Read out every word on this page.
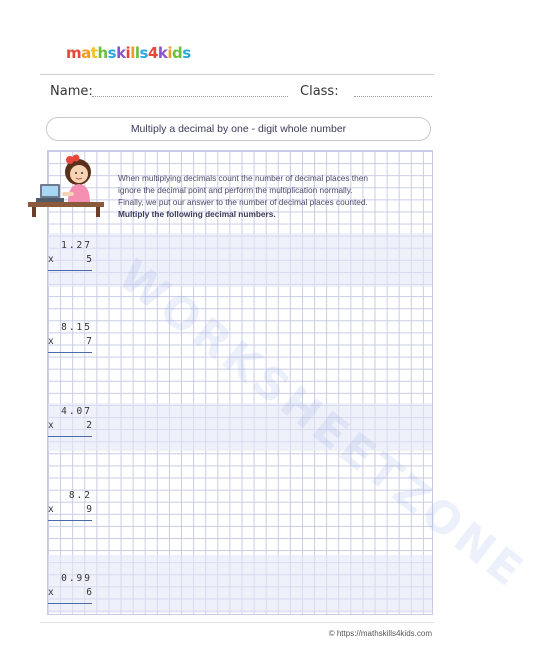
mathskills4kids
Name:	Class:
Multiply a decimal by one - digit whole number

When multiplying decimals count the number of decimal places then

ignore the decimal point and perform the multiplication normally.

Finally, we put our answer to the number of decimal places counted.

Multiply the following decimal numbers.

1.27
x	5
8.15
x	7
4.07
x	2
8.2
x	9
0.99
x	6
© https://mathskills4kids.com
